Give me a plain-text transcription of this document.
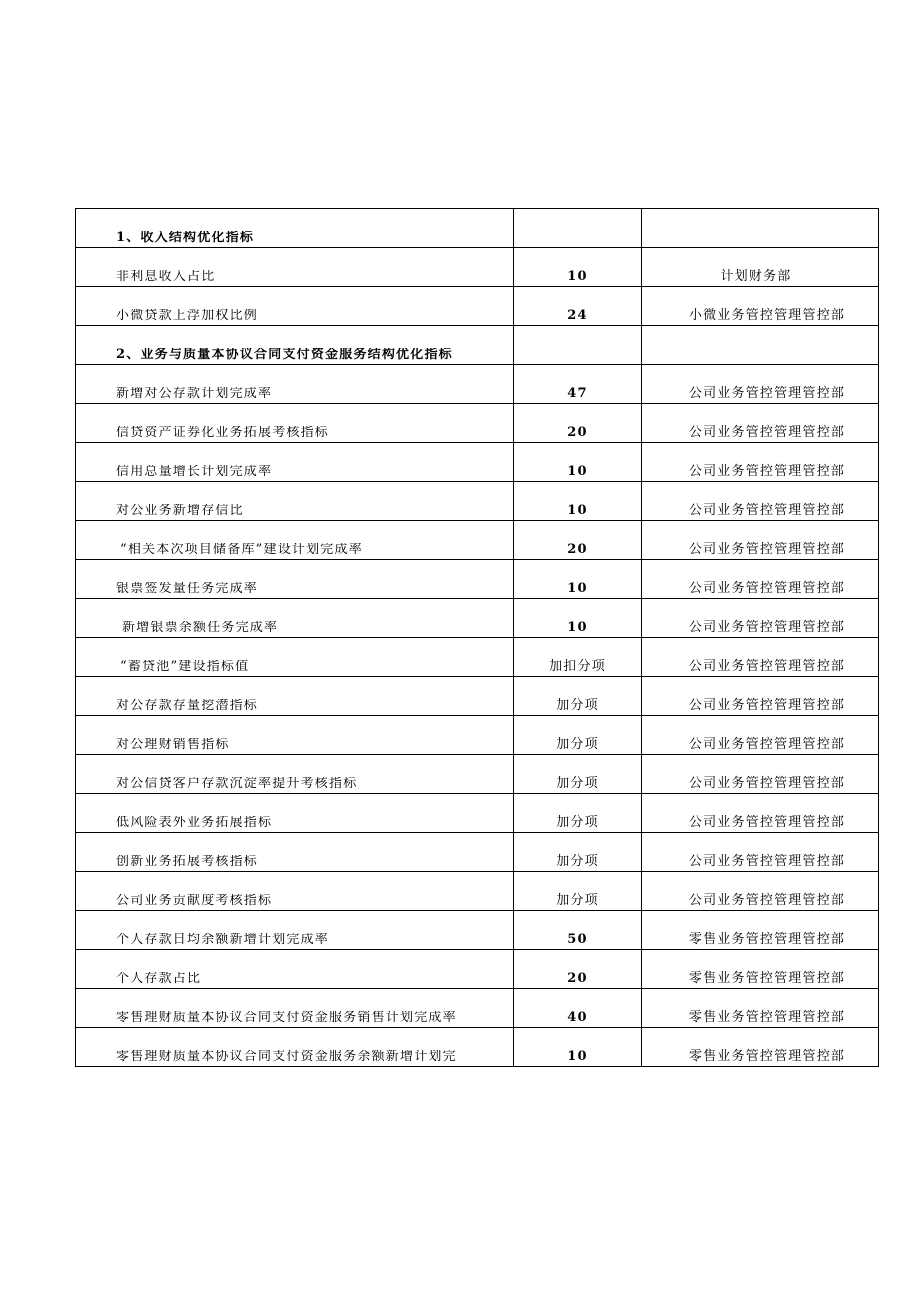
1、收入结构优化指标		

非利息收入占比	10	计划财务部

小微贷款上浮加权比例	24	小微业务管控管理管控部

2、业务与质量本协议合同支付资金服务结构优化指标		

新增对公存款计划完成率	47	公司业务管控管理管控部

信贷资产证券化业务拓展考核指标	20	公司业务管控管理管控部

信用总量增长计划完成率	10	公司业务管控管理管控部

对公业务新增存信比	10	公司业务管控管理管控部

“相关本次项目储备库”建设计划完成率	20	公司业务管控管理管控部

银票签发量任务完成率	10	公司业务管控管理管控部

新增银票余额任务完成率	10	公司业务管控管理管控部

“蓄贷池”建设指标值	加扣分项	公司业务管控管理管控部

对公存款存量挖潜指标	加分项	公司业务管控管理管控部

对公理财销售指标	加分项	公司业务管控管理管控部

对公信贷客户存款沉淀率提升考核指标	加分项	公司业务管控管理管控部

低风险表外业务拓展指标	加分项	公司业务管控管理管控部

创新业务拓展考核指标	加分项	公司业务管控管理管控部

公司业务贡献度考核指标	加分项	公司业务管控管理管控部

个人存款日均余额新增计划完成率	50	零售业务管控管理管控部

个人存款占比	20	零售业务管控管理管控部

零售理财质量本协议合同支付资金服务销售计划完成率	40	零售业务管控管理管控部

零售理财质量本协议合同支付资金服务余额新增计划完	10	零售业务管控管理管控部
